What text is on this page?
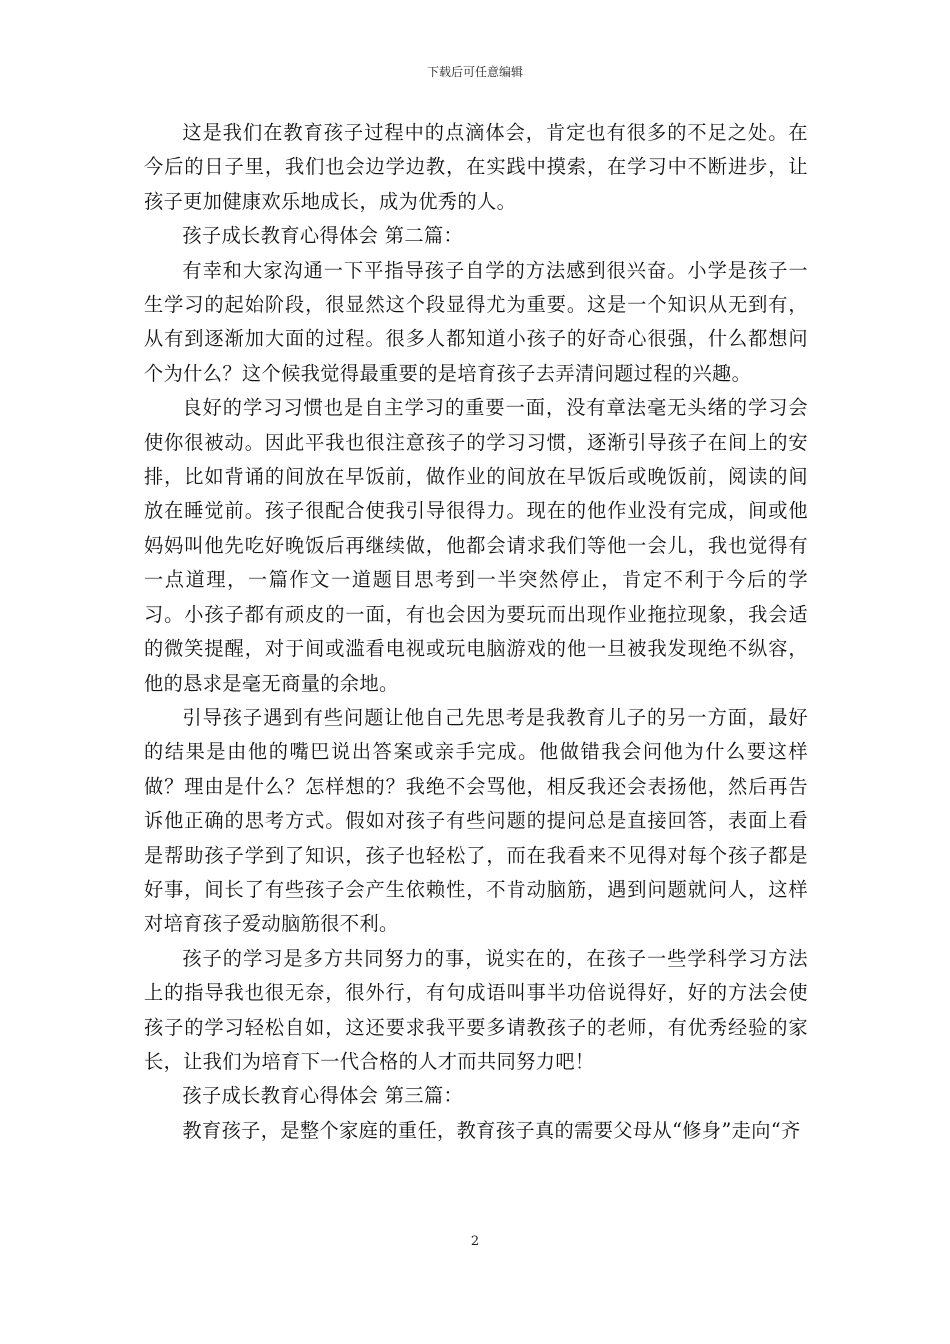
下载后可任意编辑

这是我们在教育孩子过程中的点滴体会，肯定也有很多的不足之处。在今后的日子里，我们也会边学边教，在实践中摸索，在学习中不断进步，让孩子更加健康欢乐地成长，成为优秀的人。

孩子成长教育心得体会 第二篇：

有幸和大家沟通一下平指导孩子自学的方法感到很兴奋。小学是孩子一生学习的起始阶段，很显然这个段显得尤为重要。这是一个知识从无到有，从有到逐渐加大面的过程。很多人都知道小孩子的好奇心很强，什么都想问个为什么？这个候我觉得最重要的是培育孩子去弄清问题过程的兴趣。

良好的学习习惯也是自主学习的重要一面，没有章法毫无头绪的学习会使你很被动。因此平我也很注意孩子的学习习惯，逐渐引导孩子在间上的安排，比如背诵的间放在早饭前，做作业的间放在早饭后或晚饭前，阅读的间放在睡觉前。孩子很配合使我引导很得力。现在的他作业没有完成，间或他妈妈叫他先吃好晚饭后再继续做，他都会请求我们等他一会儿，我也觉得有一点道理，一篇作文一道题目思考到一半突然停止，肯定不利于今后的学习。小孩子都有顽皮的一面，有也会因为要玩而出现作业拖拉现象，我会适的微笑提醒，对于间或滥看电视或玩电脑游戏的他一旦被我发现绝不纵容，他的恳求是毫无商量的余地。

引导孩子遇到有些问题让他自己先思考是我教育儿子的另一方面，最好的结果是由他的嘴巴说出答案或亲手完成。他做错我会问他为什么要这样做？理由是什么？怎样想的？我绝不会骂他，相反我还会表扬他，然后再告诉他正确的思考方式。假如对孩子有些问题的提问总是直接回答，表面上看是帮助孩子学到了知识，孩子也轻松了，而在我看来不见得对每个孩子都是好事，间长了有些孩子会产生依赖性，不肯动脑筋，遇到问题就问人，这样对培育孩子爱动脑筋很不利。

孩子的学习是多方共同努力的事，说实在的，在孩子一些学科学习方法上的指导我也很无奈，很外行，有句成语叫事半功倍说得好，好的方法会使孩子的学习轻松自如，这还要求我平要多请教孩子的老师，有优秀经验的家长，让我们为培育下一代合格的人才而共同努力吧！

孩子成长教育心得体会 第三篇：

教育孩子，是整个家庭的重任，教育孩子真的需要父母从“修身”走向“齐

2
